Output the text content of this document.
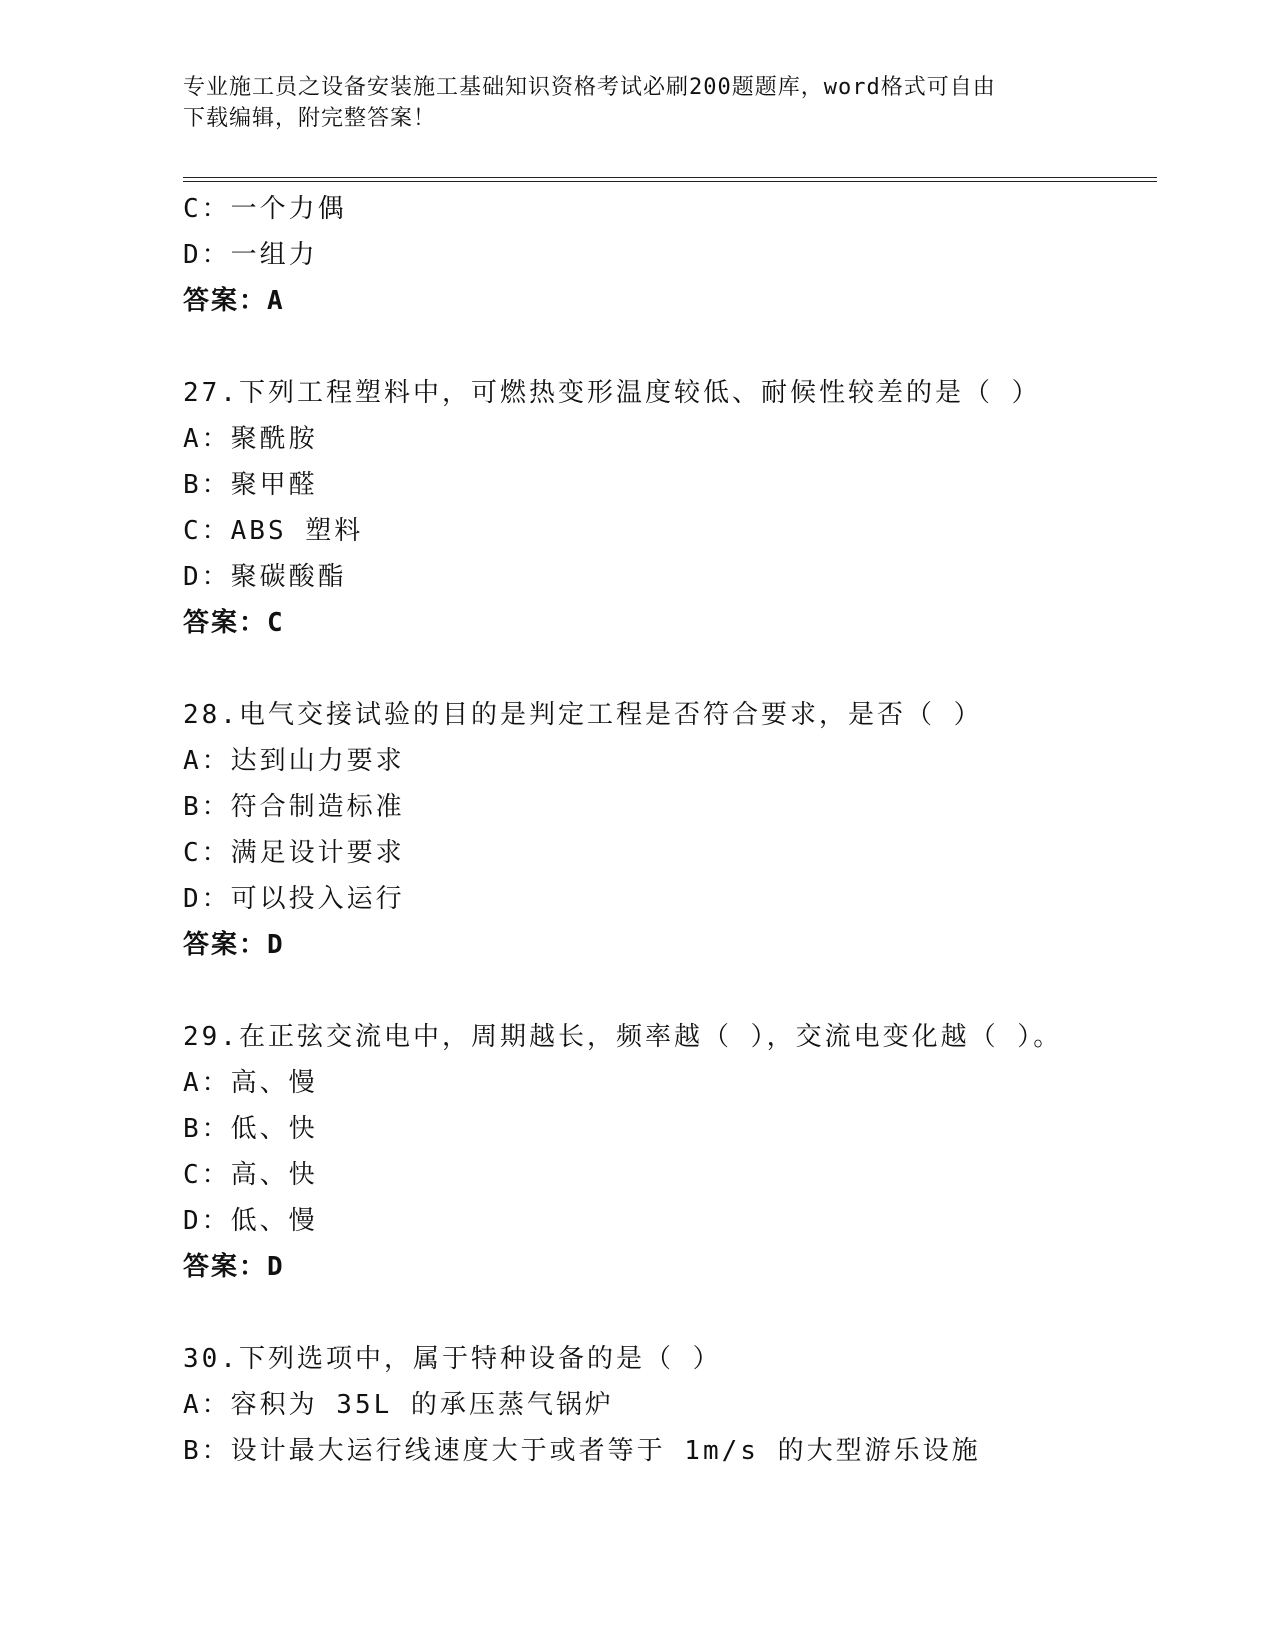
专业施工员之设备安装施工基础知识资格考试必刷200题题库，word格式可自由
下载编辑，附完整答案！
C：一个力偶
D：一组力
答案：A
27.下列工程塑料中，可燃热变形温度较低、耐候性较差的是（ ）
A：聚酰胺
B：聚甲醛
C：ABS 塑料
D：聚碳酸酯
答案：C
28.电气交接试验的目的是判定工程是否符合要求，是否（ ）
A：达到山力要求
B：符合制造标准
C：满足设计要求
D：可以投入运行
答案：D
29.在正弦交流电中，周期越长，频率越（ ），交流电变化越（ ）。
A：高、慢
B：低、快
C：高、快
D：低、慢
答案：D
30.下列选项中，属于特种设备的是（ ）
A：容积为 35L 的承压蒸气锅炉
B：设计最大运行线速度大于或者等于 1m/s 的大型游乐设施
